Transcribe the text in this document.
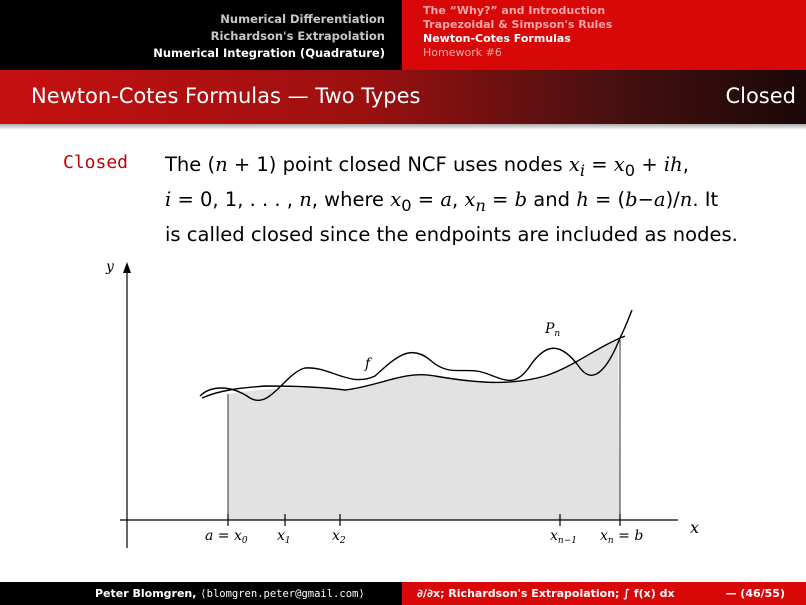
Numerical Differentiation
Richardson's Extrapolation
Numerical Integration (Quadrature)
The “Why?” and Introduction
Trapezoidal & Simpson's Rules
Newton-Cotes Formulas
Homework #6
Newton-Cotes Formulas — Two Types	Closed
Closed The (n + 1) point closed NCF uses nodes $x_i = x_0$ + ih,
i = 0, 1, . . . , n, where $x_0 = a$, $x_n = b$ and h = (b−a)/n. It
is called closed since the endpoints are included as nodes.
y
x
f
$P_n$
$a = x_0$ $x_1$	$x_2$	$x_{n-1}$ $x_n = b$
Peter Blomgren, ⟨blomgren.peter@gmail.com⟩	∂/∂x; Richardson's Extrapolation; ∫ f(x) dx	— (46/55)
